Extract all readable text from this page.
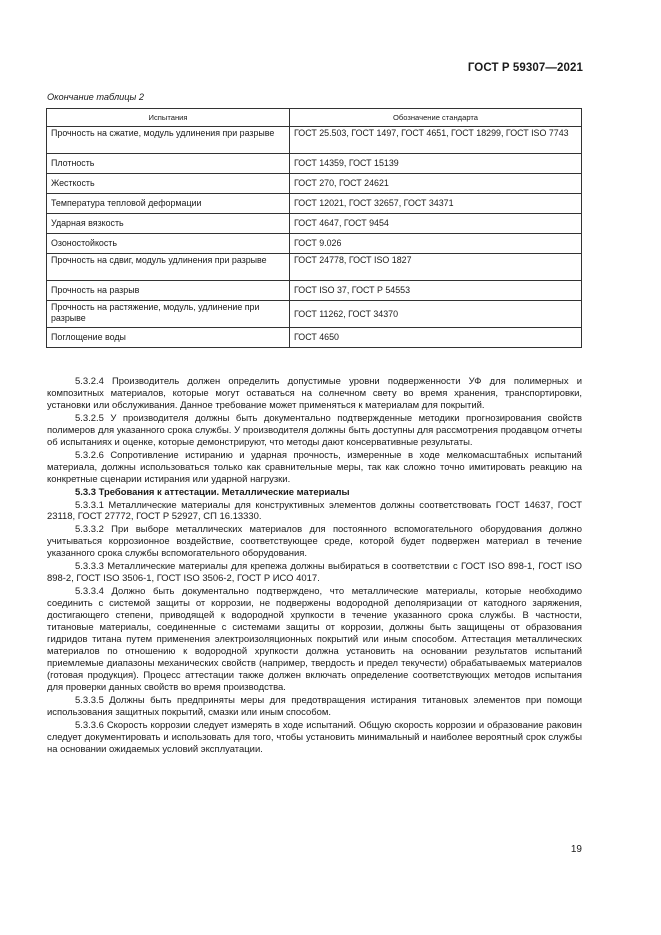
ГОСТ Р 59307—2021
Окончание таблицы 2
Испытания	Обозначение стандарта
Прочность на сжатие, модуль удлинения при разрыве	ГОСТ 25.503, ГОСТ 1497, ГОСТ 4651, ГОСТ 18299, ГОСТ ISO 7743
Плотность	ГОСТ 14359, ГОСТ 15139
Жесткость	ГОСТ 270, ГОСТ 24621
Температура тепловой деформации	ГОСТ 12021, ГОСТ 32657, ГОСТ 34371
Ударная вязкость	ГОСТ 4647, ГОСТ 9454
Озоностойкость	ГОСТ 9.026
Прочность на сдвиг, модуль удлинения при разрыве	ГОСТ 24778, ГОСТ ISO 1827
Прочность на разрыв	ГОСТ ISO 37, ГОСТ Р 54553
Прочность на растяжение, модуль, удлинение при разрыве	ГОСТ 11262, ГОСТ 34370
Поглощение воды	ГОСТ 4650

5.3.2.4 Производитель должен определить допустимые уровни подверженности УФ для полимерных и композитных материалов, которые могут оставаться на солнечном свету во время хранения, транспортировки, установки или обслуживания. Данное требование может применяться к материалам для покрытий.

5.3.2.5 У производителя должны быть документально подтвержденные методики прогнозирования свойств полимеров для указанного срока службы. У производителя должны быть доступны для рассмотрения продавцом отчеты об испытаниях и оценке, которые демонстрируют, что методы дают консервативные результаты.

5.3.2.6 Сопротивление истиранию и ударная прочность, измеренные в ходе мелкомасштабных испытаний материала, должны использоваться только как сравнительные меры, так как сложно точно имитировать реакцию на конкретные сценарии истирания или ударной нагрузки.

5.3.3 Требования к аттестации. Металлические материалы

5.3.3.1 Металлические материалы для конструктивных элементов должны соответствовать ГОСТ 14637, ГОСТ 23118, ГОСТ 27772, ГОСТ Р 52927, СП 16.13330.

5.3.3.2 При выборе металлических материалов для постоянного вспомогательного оборудования должно учитываться коррозионное воздействие, соответствующее среде, которой будет подвержен материал в течение указанного срока службы вспомогательного оборудования.

5.3.3.3 Металлические материалы для крепежа должны выбираться в соответствии с ГОСТ ISO 898-1, ГОСТ ISO 898-2, ГОСТ ISO 3506-1, ГОСТ ISO 3506-2, ГОСТ Р ИСО 4017.

5.3.3.4 Должно быть документально подтверждено, что металлические материалы, которые необходимо соединить с системой защиты от коррозии, не подвержены водородной деполяризации от катодного заряжения, достигающего степени, приводящей к водородной хрупкости в течение указанного срока службы. В частности, титановые материалы, соединенные с системами защиты от коррозии, должны быть защищены от образования гидридов титана путем применения электроизоляционных покрытий или иным способом. Аттестация металлических материалов по отношению к водородной хрупкости должна установить на основании результатов испытаний приемлемые диапазоны механических свойств (например, твердость и предел текучести) обрабатываемых материалов (готовая продукция). Процесс аттестации также должен включать определение соответствующих методов испытания для проверки данных свойств во время производства.

5.3.3.5 Должны быть предприняты меры для предотвращения истирания титановых элементов при помощи использования защитных покрытий, смазки или иным способом.

5.3.3.6 Скорость коррозии следует измерять в ходе испытаний. Общую скорость коррозии и образование раковин следует документировать и использовать для того, чтобы установить минимальный и наиболее вероятный срок службы на основании ожидаемых условий эксплуатации.

19
